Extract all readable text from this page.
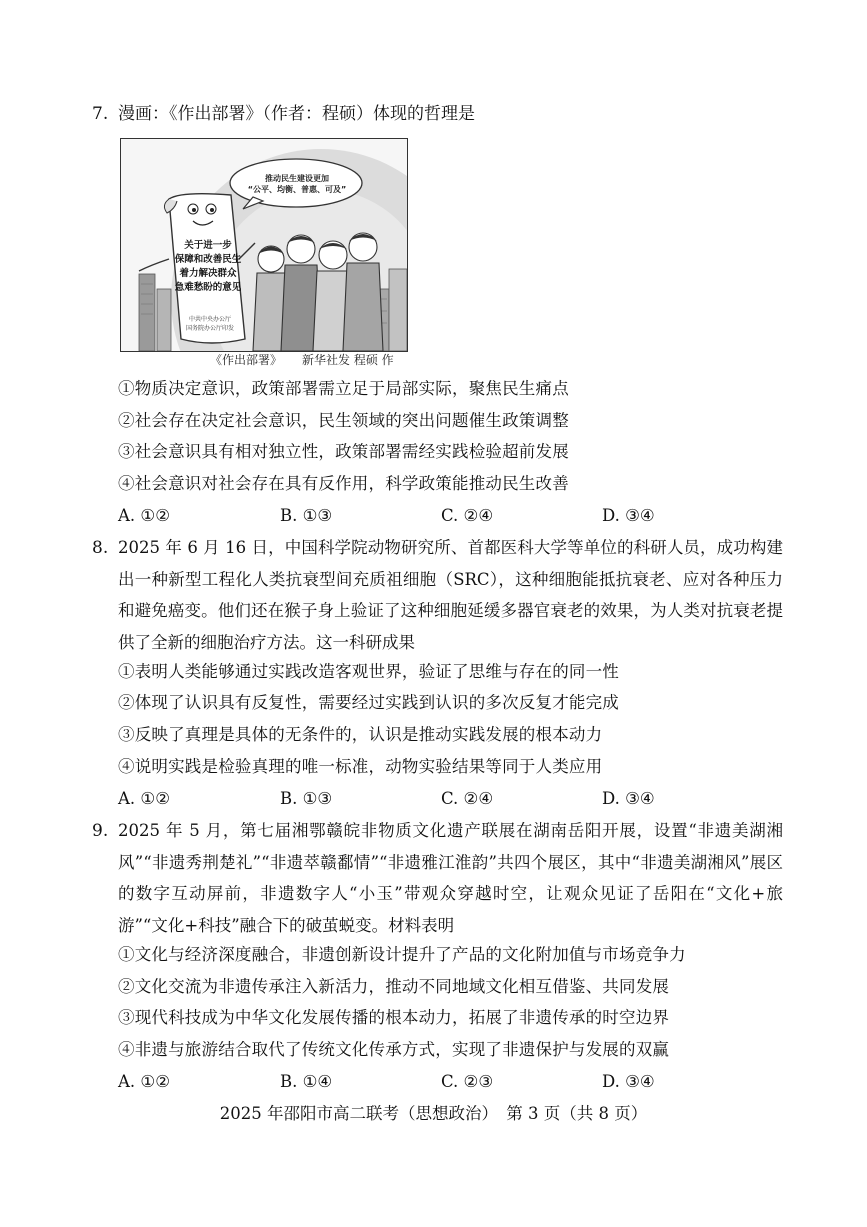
7. 漫画：《作出部署》（作者：程硕）体现的哲理是
推动民生建设更加
“公平、均衡、普惠、可及”
关于进一步
保障和改善民生
着力解决群众
急难愁盼的意见
中共中央办公厅
国务院办公厅印发
《作出部署》 新华社发 程硕 作
①物质决定意识，政策部署需立足于局部实际，聚焦民生痛点
②社会存在决定社会意识，民生领域的突出问题催生政策调整
③社会意识具有相对独立性，政策部署需经实践检验超前发展
④社会意识对社会存在具有反作用，科学政策能推动民生改善
A. ①②	B. ①③	C. ②④	D. ③④
8. 2025 年 6 月 16 日，中国科学院动物研究所、首都医科大学等单位的科研人员，成功构建出一种新型工程化人类抗衰型间充质祖细胞（SRC），这种细胞能抵抗衰老、应对各种压力和避免癌变。他们还在猴子身上验证了这种细胞延缓多器官衰老的效果，为人类对抗衰老提供了全新的细胞治疗方法。这一科研成果
①表明人类能够通过实践改造客观世界，验证了思维与存在的同一性
②体现了认识具有反复性，需要经过实践到认识的多次反复才能完成
③反映了真理是具体的无条件的，认识是推动实践发展的根本动力
④说明实践是检验真理的唯一标准，动物实验结果等同于人类应用
A. ①②	B. ①③	C. ②④	D. ③④
9. 2025 年 5 月，第七届湘鄂赣皖非物质文化遗产联展在湖南岳阳开展，设置“非遗美湖湘风”“非遗秀荆楚礼”“非遗萃赣鄱情”“非遗雅江淮韵”共四个展区，其中“非遗美湖湘风”展区的数字互动屏前，非遗数字人“小玉”带观众穿越时空，让观众见证了岳阳在“文化+旅游”“文化+科技”融合下的破茧蜕变。材料表明
①文化与经济深度融合，非遗创新设计提升了产品的文化附加值与市场竞争力
②文化交流为非遗传承注入新活力，推动不同地域文化相互借鉴、共同发展
③现代科技成为中华文化发展传播的根本动力，拓展了非遗传承的时空边界
④非遗与旅游结合取代了传统文化传承方式，实现了非遗保护与发展的双赢
A. ①②	B. ①④	C. ②③	D. ③④
2025 年邵阳市高二联考（思想政治）　第 3 页（共 8 页）
